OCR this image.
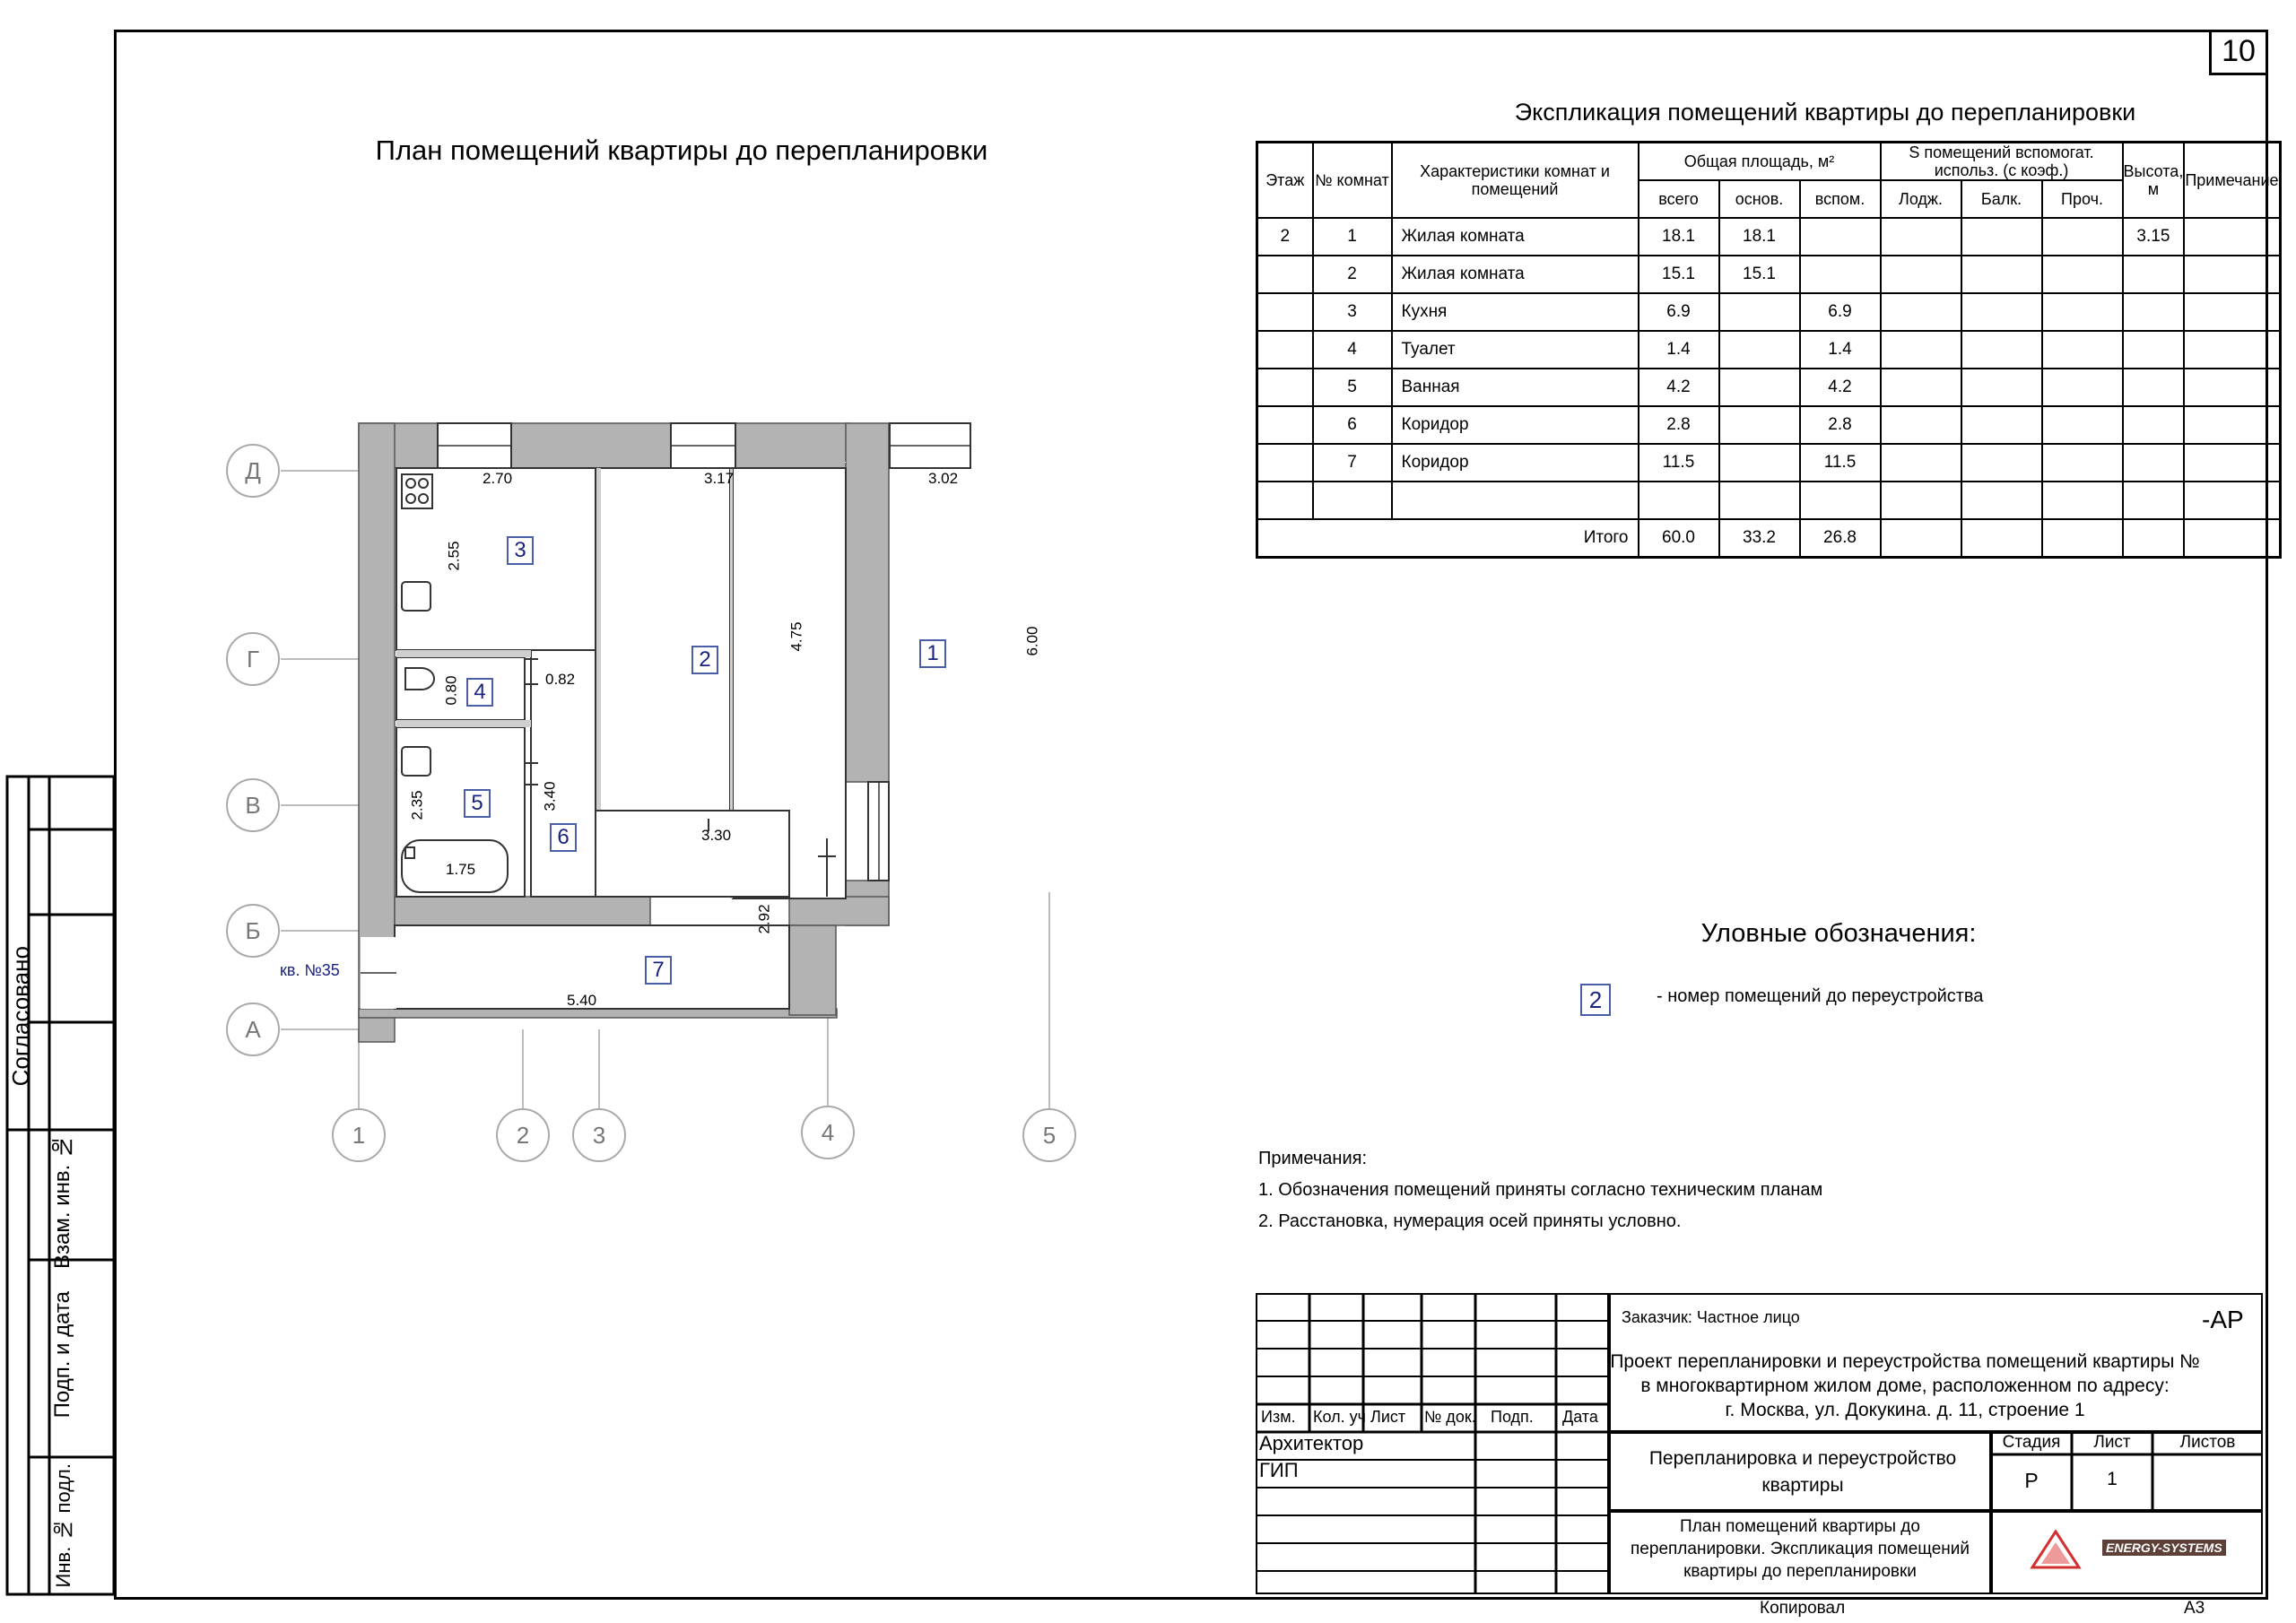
10
Согласовано
Взам. инв. №
Подп. и дата
Инв. № подл.
План помещений квартиры до перепланировки
Экспликация помещений квартиры до перепланировки
Этаж	№ комнат	Характеристики комнат и помещений	Общая площадь, м²			S помещений вспомогат. использ. (с коэф.)			Высота, м	Примечание
			всего	основ.	вспом.	Лодж.	Балк.	Проч.		
2	1	Жилая комната	18.1	18.1					3.15	
	2	Жилая комната	15.1	15.1						
	3	Кухня	6.9		6.9					
	4	Туалет	1.4		1.4					
	5	Ванная	4.2		4.2					
	6	Коридор	2.8		2.8					
	7	Коридор	11.5		11.5					

Итого			60.0	33.2	26.8					
Д
Г
В
Б
А
1	2	3	4	5
2.70	3.17	3.02
2.55
4.75	6.00
0.80	0.82
2.35
1.75
3.40
3.30
2.92
5.40
кв. №35
1
2
3
4
5
6
7
Уловные обозначения:
2	- номер помещений до переустройства
Примечания:
1. Обозначения помещений приняты согласно техническим планам
2. Расстановка, нумерация осей приняты условно.
Изм. Кол. уч Лист № док. Подп. Дата
Архитектор
ГИП
Заказчик: Частное лицо	-АР
Проект перепланировки и переустройства помещений квартиры №
в многоквартирном жилом доме, расположенном по адресу:
г. Москва, ул. Докукина. д. 11, строение 1
Перепланировка и переустройство квартиры
Стадия	Лист	Листов
Р	1
План помещений квартиры до перепланировки. Экспликация помещений квартиры до перепланировки
ENERGY-SYSTEMS
Копировал	А3
